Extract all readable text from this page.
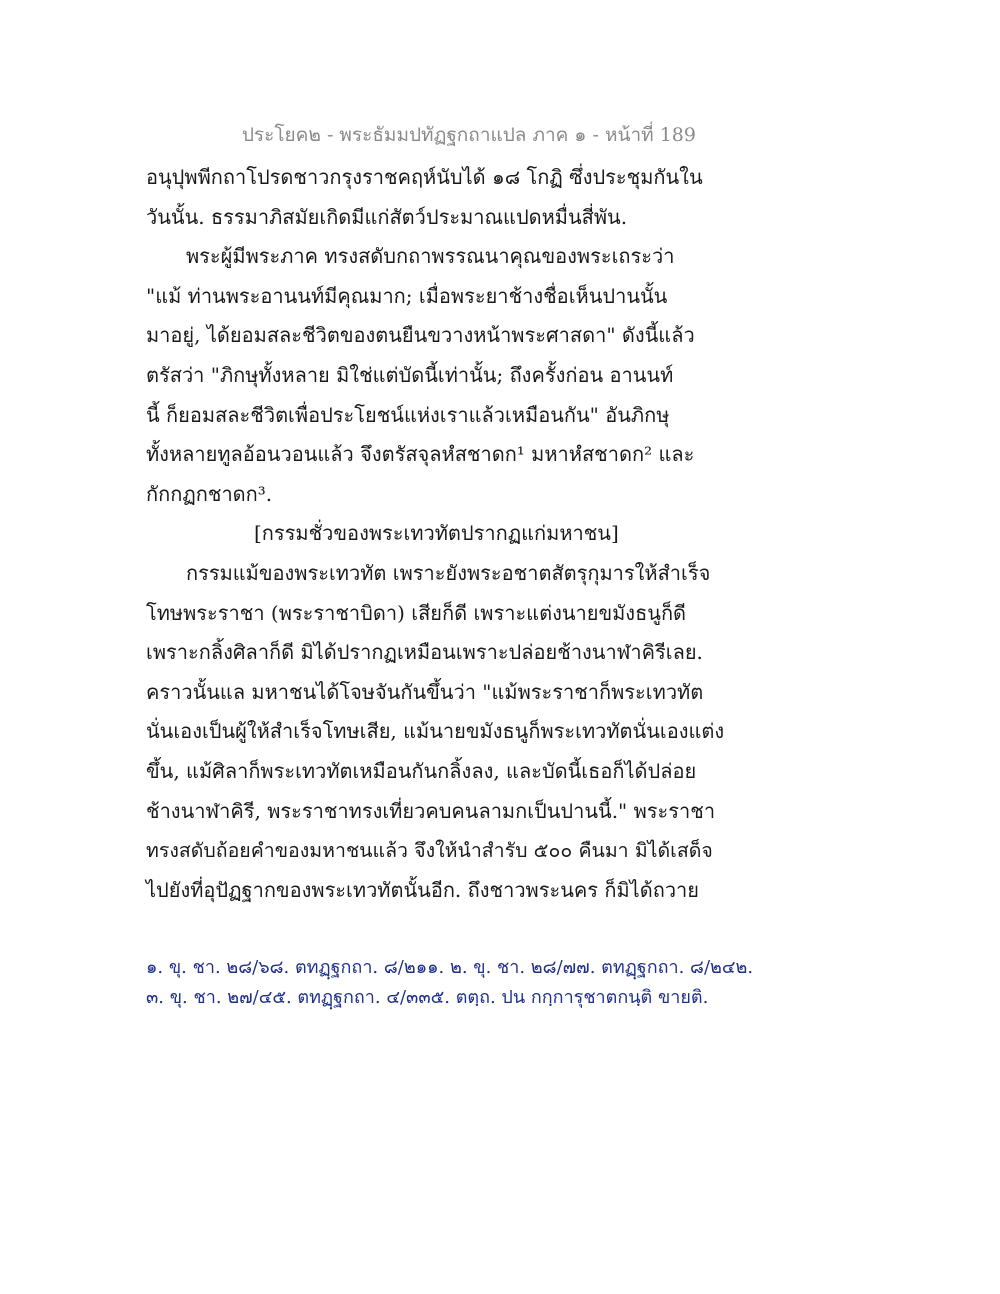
ประโยค๒ - พระธัมมปทัฏฐกถาแปล ภาค ๑ - หน้าที่ 189
อนุปุพพีกถาโปรดชาวกรุงราชคฤห์นับได้ ๑๘ โกฏิ ซึ่งประชุมกันใน
วันนั้น. ธรรมาภิสมัยเกิดมีแก่สัตว์ประมาณแปดหมื่นสี่พัน.
พระผู้มีพระภาค ทรงสดับกถาพรรณนาคุณของพระเถระว่า
"แม้ ท่านพระอานนท์มีคุณมาก; เมื่อพระยาช้างชื่อเห็นปานนั้น
มาอยู่, ได้ยอมสละชีวิตของตนยืนขวางหน้าพระศาสดา" ดังนี้แล้ว
ตรัสว่า "ภิกษุทั้งหลาย มิใช่แต่บัดนี้เท่านั้น; ถึงครั้งก่อน อานนท์
นี้ ก็ยอมสละชีวิตเพื่อประโยชน์แห่งเราแล้วเหมือนกัน" อันภิกษุ
ทั้งหลายทูลอ้อนวอนแล้ว จึงตรัสจุลหํสชาดก¹ มหาหํสชาดก² และ
กักกฏกชาดก³.
[กรรมชั่วของพระเทวทัตปรากฏแก่มหาชน]
กรรมแม้ของพระเทวทัต เพราะยังพระอชาตสัตรุกุมารให้สำเร็จ
โทษพระราชา (พระราชาบิดา) เสียก็ดี เพราะแต่งนายขมังธนูก็ดี
เพราะกลิ้งศิลาก็ดี มิได้ปรากฏเหมือนเพราะปล่อยช้างนาฬาคิรีเลย.
คราวนั้นแล มหาชนได้โจษจันกันขึ้นว่า "แม้พระราชาก็พระเทวทัต
นั่นเองเป็นผู้ให้สำเร็จโทษเสีย, แม้นายขมังธนูก็พระเทวทัตนั่นเองแต่ง
ขึ้น, แม้ศิลาก็พระเทวทัตเหมือนกันกลิ้งลง, และบัดนี้เธอก็ได้ปล่อย
ช้างนาฬาคิรี, พระราชาทรงเที่ยวคบคนลามกเป็นปานนี้." พระราชา
ทรงสดับถ้อยคำของมหาชนแล้ว จึงให้นำสำรับ ๕๐๐ คืนมา มิได้เสด็จ
ไปยังที่อุปัฏฐากของพระเทวทัตนั้นอีก. ถึงชาวพระนคร ก็มิได้ถวาย
๑. ขุ. ชา. ๒๘/๖๘. ตทฏฺฐกถา. ๘/๒๑๑. ๒. ขุ. ชา. ๒๘/๗๗. ตทฏฺฐกถา. ๘/๒๔๒.
๓. ขุ. ชา. ๒๗/๔๕. ตทฏฺฐกถา. ๔/๓๓๕. ตตฺถ. ปน กกฺการุชาตกนฺติ ขายติ.
